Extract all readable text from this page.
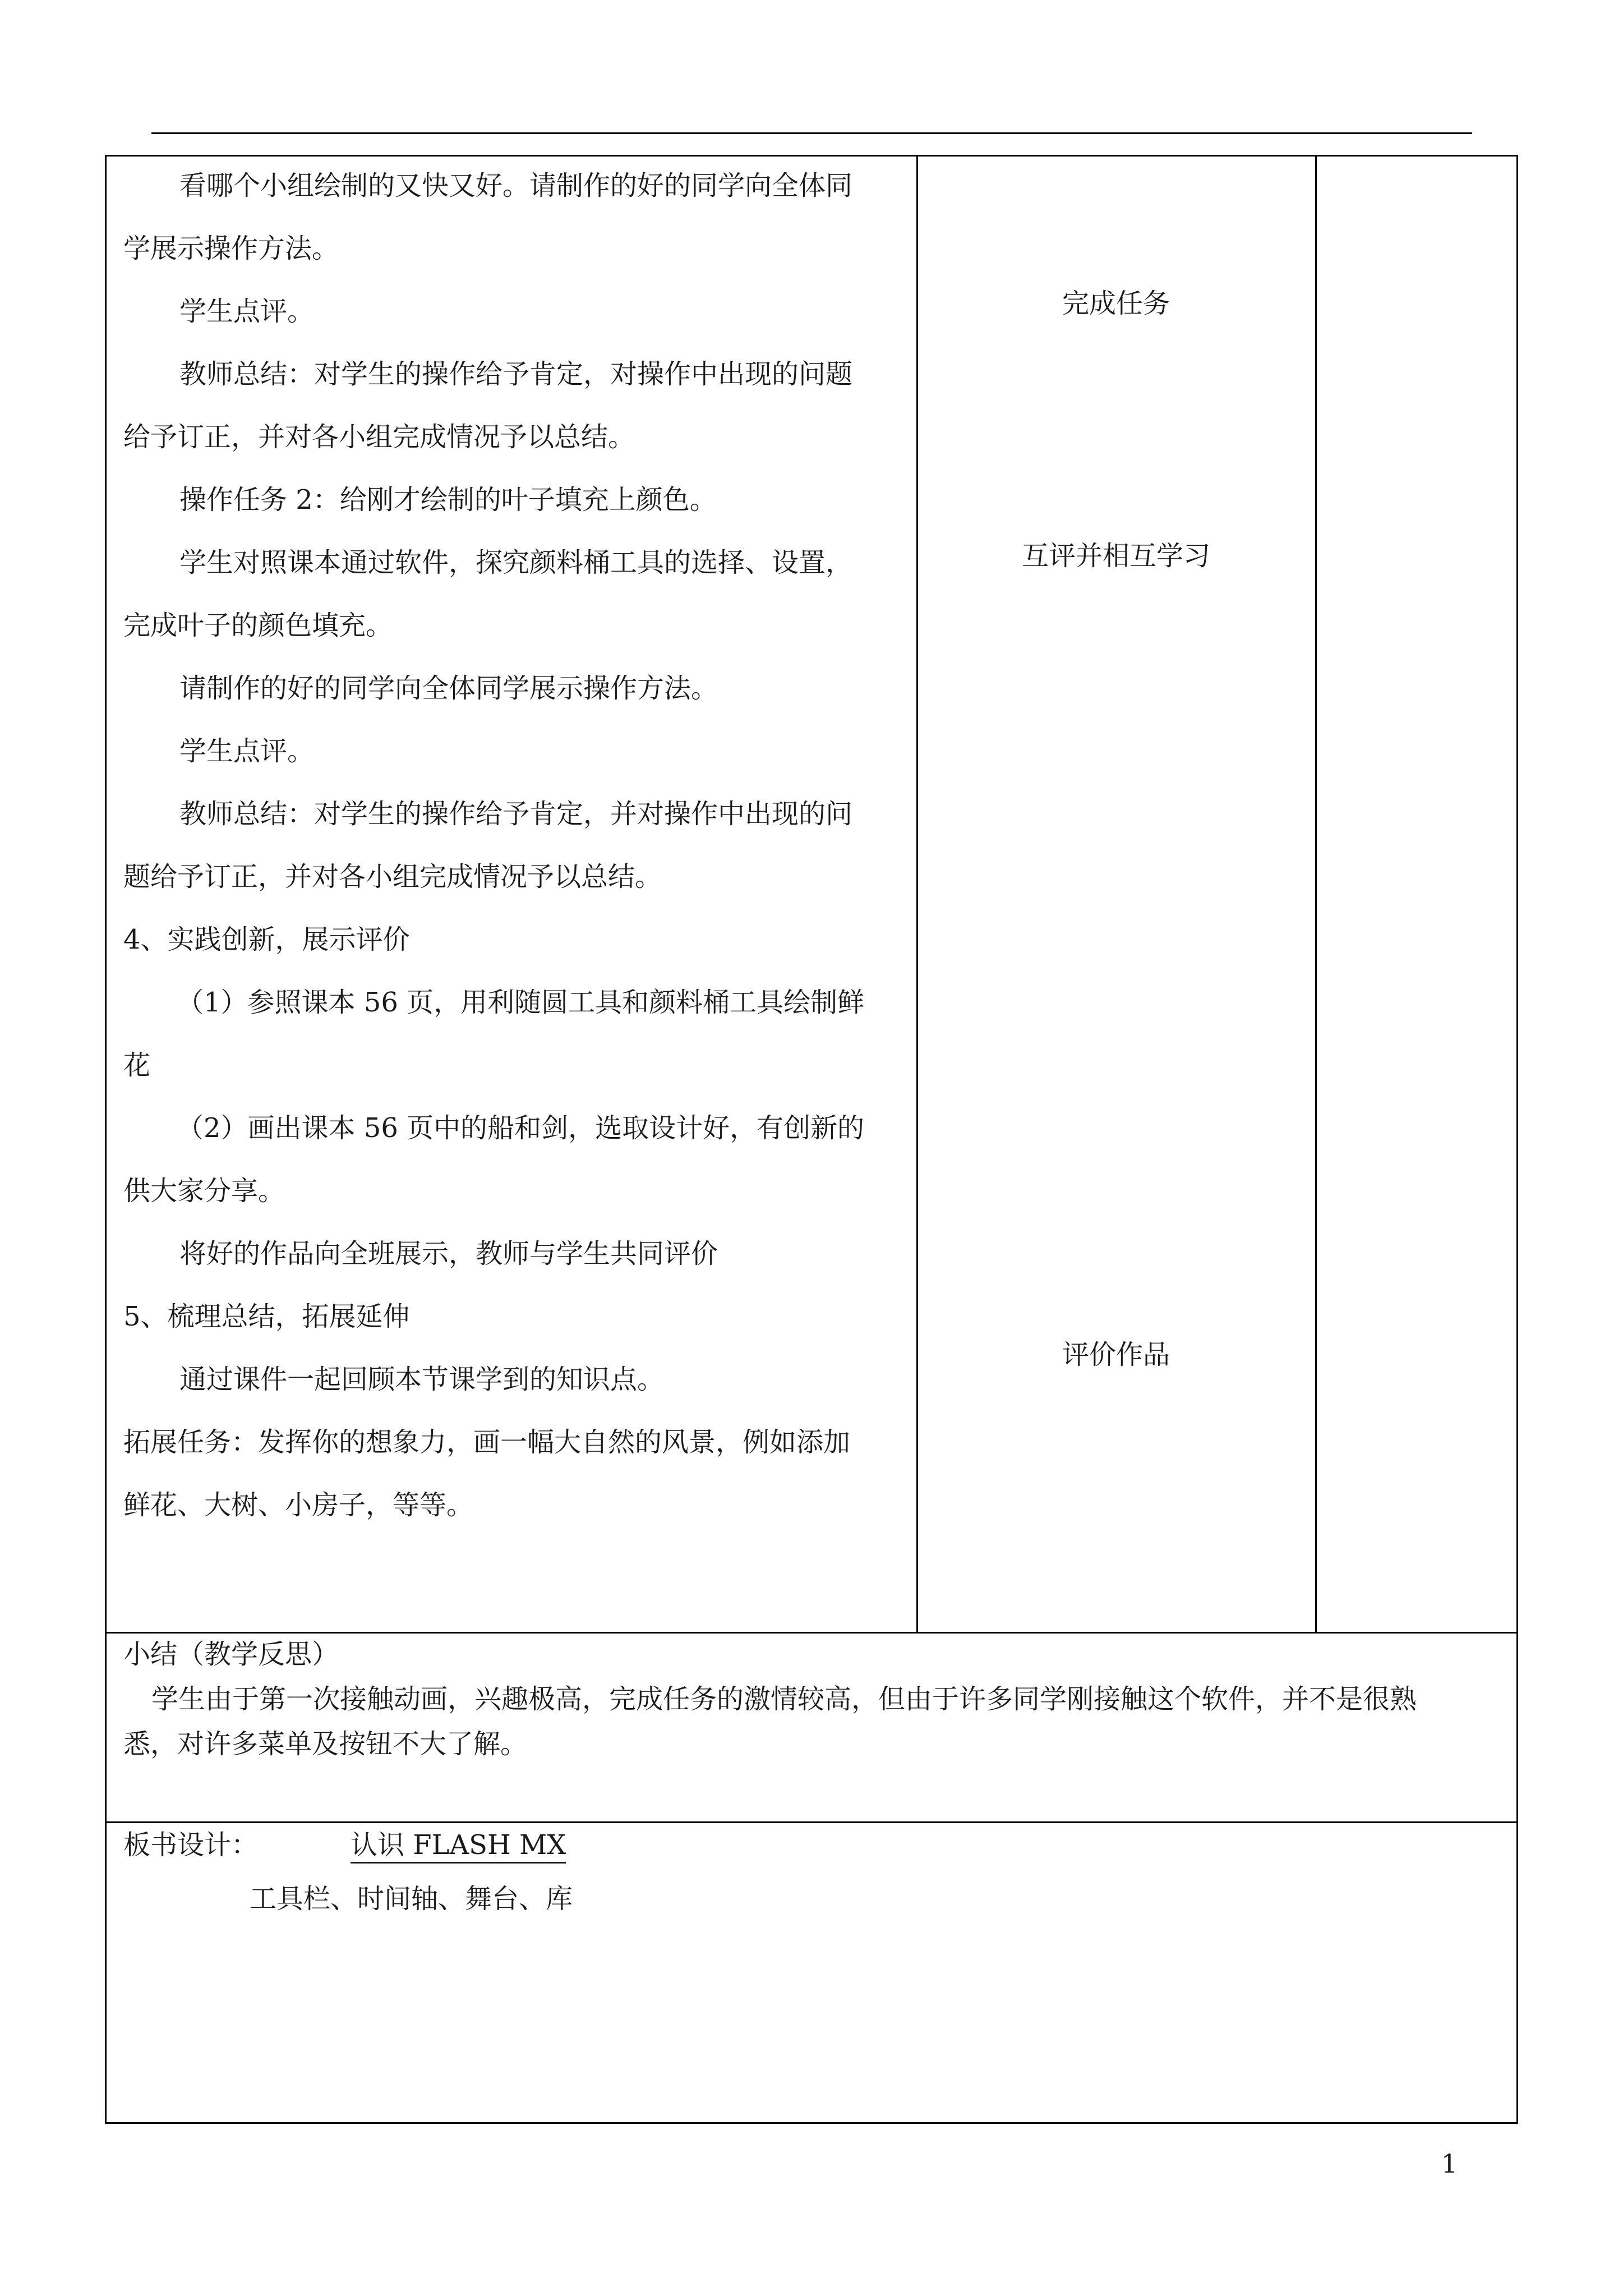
看哪个小组绘制的又快又好。请制作的好的同学向全体同
学展示操作方法。
学生点评。
教师总结：对学生的操作给予肯定，对操作中出现的问题
给予订正，并对各小组完成情况予以总结。
操作任务 2：给刚才绘制的叶子填充上颜色。
学生对照课本通过软件，探究颜料桶工具的选择、设置，
完成叶子的颜色填充。
请制作的好的同学向全体同学展示操作方法。
学生点评。
教师总结：对学生的操作给予肯定，并对操作中出现的问
题给予订正，并对各小组完成情况予以总结。
4、实践创新，展示评价
（1）参照课本 56 页，用利随圆工具和颜料桶工具绘制鲜
花
（2）画出课本 56 页中的船和剑，选取设计好，有创新的
供大家分享。
将好的作品向全班展示，教师与学生共同评价
5、梳理总结，拓展延伸
通过课件一起回顾本节课学到的知识点。
拓展任务：发挥你的想象力，画一幅大自然的风景，例如添加
鲜花、大树、小房子，等等。
完成任务
互评并相互学习
评价作品
小结（教学反思）
学生由于第一次接触动画，兴趣极高，完成任务的激情较高，但由于许多同学刚接触这个软件，并不是很熟
悉，对许多菜单及按钮不大了解。
板书设计：	认识 FLASH MX
工具栏、时间轴、舞台、库
1
